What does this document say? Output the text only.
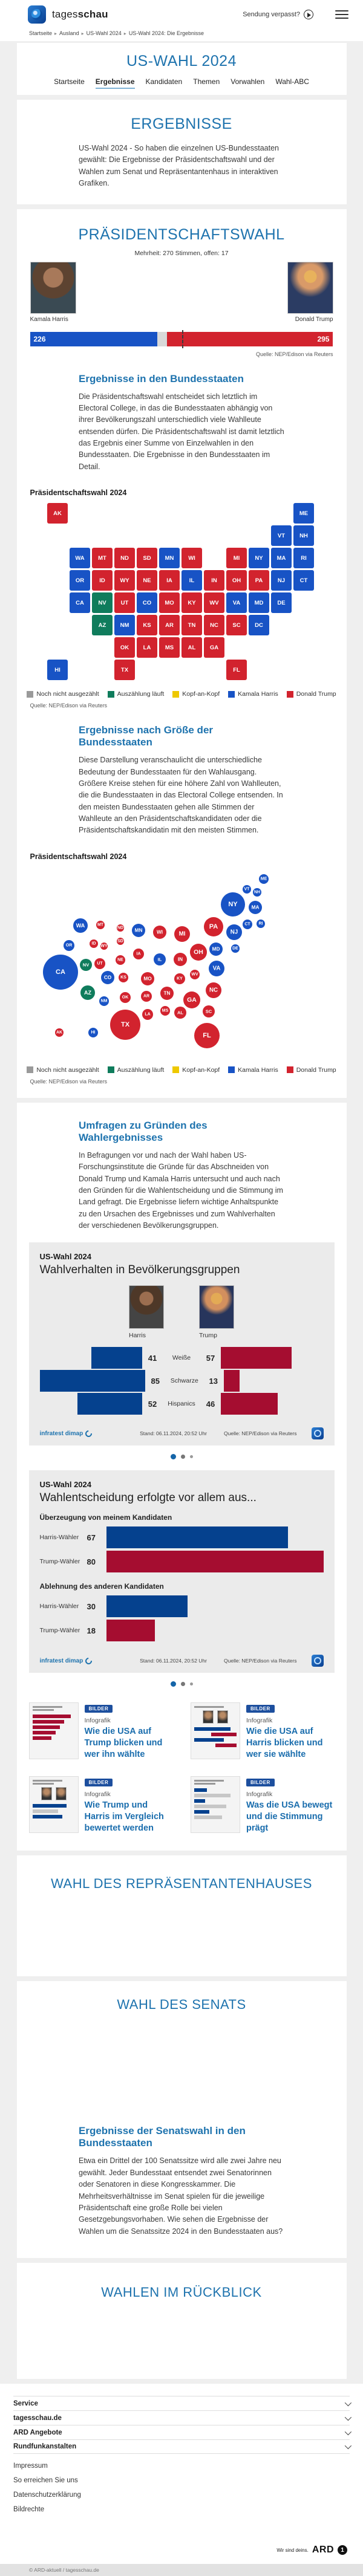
tagesschau	Sendung verpasst?
Startseite ▸ Ausland ▸ US-Wahl 2024 ▸ US-Wahl 2024: Die Ergebnisse
US-WAHL 2024
Startseite Ergebnisse Kandidaten Themen Vorwahlen Wahl-ABC
ERGEBNISSE

US-Wahl 2024 - So haben die einzelnen US-Bundesstaaten gewählt: Die Ergebnisse der Präsidentschaftswahl und der Wahlen zum Senat und Repräsentantenhaus in interaktiven Grafiken.

PRÄSIDENTSCHAFTSWAHL

Mehrheit: 270 Stimmen, offen: 17

Kamala Harris	Donald Trump
226	295
Quelle: NEP/Edison via Reuters
Ergebnisse in den Bundesstaaten

Die Präsidentschaftswahl entscheidet sich letztlich im Electoral College, in das die Bundesstaaten abhängig von ihrer Bevölkerungszahl unterschiedlich viele Wahlleute entsenden dürfen. Die Präsidentschaftswahl ist damit letztlich das Ergebnis einer Summe von Einzelwahlen in den Bundesstaaten. Die Ergebnisse in den Bundesstaaten im Detail.

Präsidentschaftswahl 2024
AK	ME
VT	NH
WA	MT	ND	SD	MN	WI	MI	NY	MA	RI
OR	ID	WY	NE	IA	IL	IN	OH	PA	NJ	CT
CA	NV	UT	CO	MO	KY	WV	VA	MD	DE
AZ	NM	KS	AR	TN	NC	SC	DC
OK	LA	MS	AL	GA
HI	TX	FL
Noch nicht ausgezählt	Auszählung läuft	Kopf-an-Kopf	Kamala Harris	Donald Trump
Quelle: NEP/Edison via Reuters
Ergebnisse nach Größe der Bundesstaaten

Diese Darstellung veranschaulicht die unterschiedliche Bedeutung der Bundesstaaten für den Wahlausgang. Größere Kreise stehen für eine höhere Zahl von Wahlleuten, die die Bundesstaaten in das Electoral College entsenden. In den meisten Bundesstaaten gehen alle Stimmen der Wahlleute an den Präsidentschaftskandidaten oder die Präsidentschaftskandidatin mit den meisten Stimmen.

Präsidentschaftswahl 2024
ME
VT
NH
NY	MA
CT RI
PA
NJ
WA	MT
ND MN	WI	MI
OR	ID
WY
SD
MD	DE
OH
IA
IL	IN
NE
NV UT
VA
CA	WV
KY
CO KS	MO
NC
AZ	TN
AR
OK	GA
NM
MS AL	SC
LA
TX
AK	HI	FL
Noch nicht ausgezählt	Auszählung läuft	Kopf-an-Kopf	Kamala Harris	Donald Trump
Quelle: NEP/Edison via Reuters
Umfragen zu Gründen des Wahlergebnisses

In Befragungen vor und nach der Wahl haben US-Forschungsinstitute die Gründe für das Abschneiden von Donald Trump und Kamala Harris untersucht und auch nach den Gründen für die Wahlentscheidung und die Stimmung im Land gefragt. Die Ergebnisse liefern wichtige Anhaltspunkte zu den Ursachen des Ergebnisses und zum Wahlverhalten der verschiedenen Bevölkerungsgruppen.

US-Wahl 2024
Wahlverhalten in Bevölkerungsgruppen
Harris	Trump
41	Weiße	57
85	Schwarze	13
52	Hispanics	46
infratest dimap	Stand: 06.11.2024, 20:52 Uhr	Quelle: NEP/Edison via Reuters
US-Wahl 2024
Wahlentscheidung erfolgte vor allem aus...
Überzeugung von meinem Kandidaten
Harris-Wähler	67
Trump-Wähler 80
Ablehnung des anderen Kandidaten
Harris-Wähler	30
Trump-Wähler 18
infratest dimap	Stand: 06.11.2024, 20:52 Uhr	Quelle: NEP/Edison via Reuters
BILDER
Infografik
Wie die USA auf Trump blicken und wer ihn wählte
BILDER
Infografik
Wie die USA auf Harris blicken und wer sie wählte
BILDER
Infografik
Wie Trump und Harris im Vergleich bewertet werden
BILDER
Infografik
Was die USA bewegt und die Stimmung prägt
WAHL DES REPRÄSENTANTENHAUSES
WAHL DES SENATS
Ergebnisse der Senatswahl in den Bundesstaaten

Etwa ein Drittel der 100 Senatssitze wird alle zwei Jahre neu gewählt. Jeder Bundesstaat entsendet zwei Senatorinnen oder Senatoren in diese Kongresskammer. Die Mehrheitsverhältnisse im Senat spielen für die jeweilige Präsidentschaft eine große Rolle bei vielen Gesetzgebungsvorhaben. Wie sehen die Ergebnisse der Wahlen um die Senatssitze 2024 in den Bundesstaaten aus?

WAHLEN IM RÜCKBLICK
Service
tagesschau.de
ARD Angebote
Rundfunkanstalten
Impressum
So erreichen Sie uns
Datenschutzerklärung
Bildrechte
Wir sind deins. ARD	1
© ARD-aktuell / tagesschau.de
